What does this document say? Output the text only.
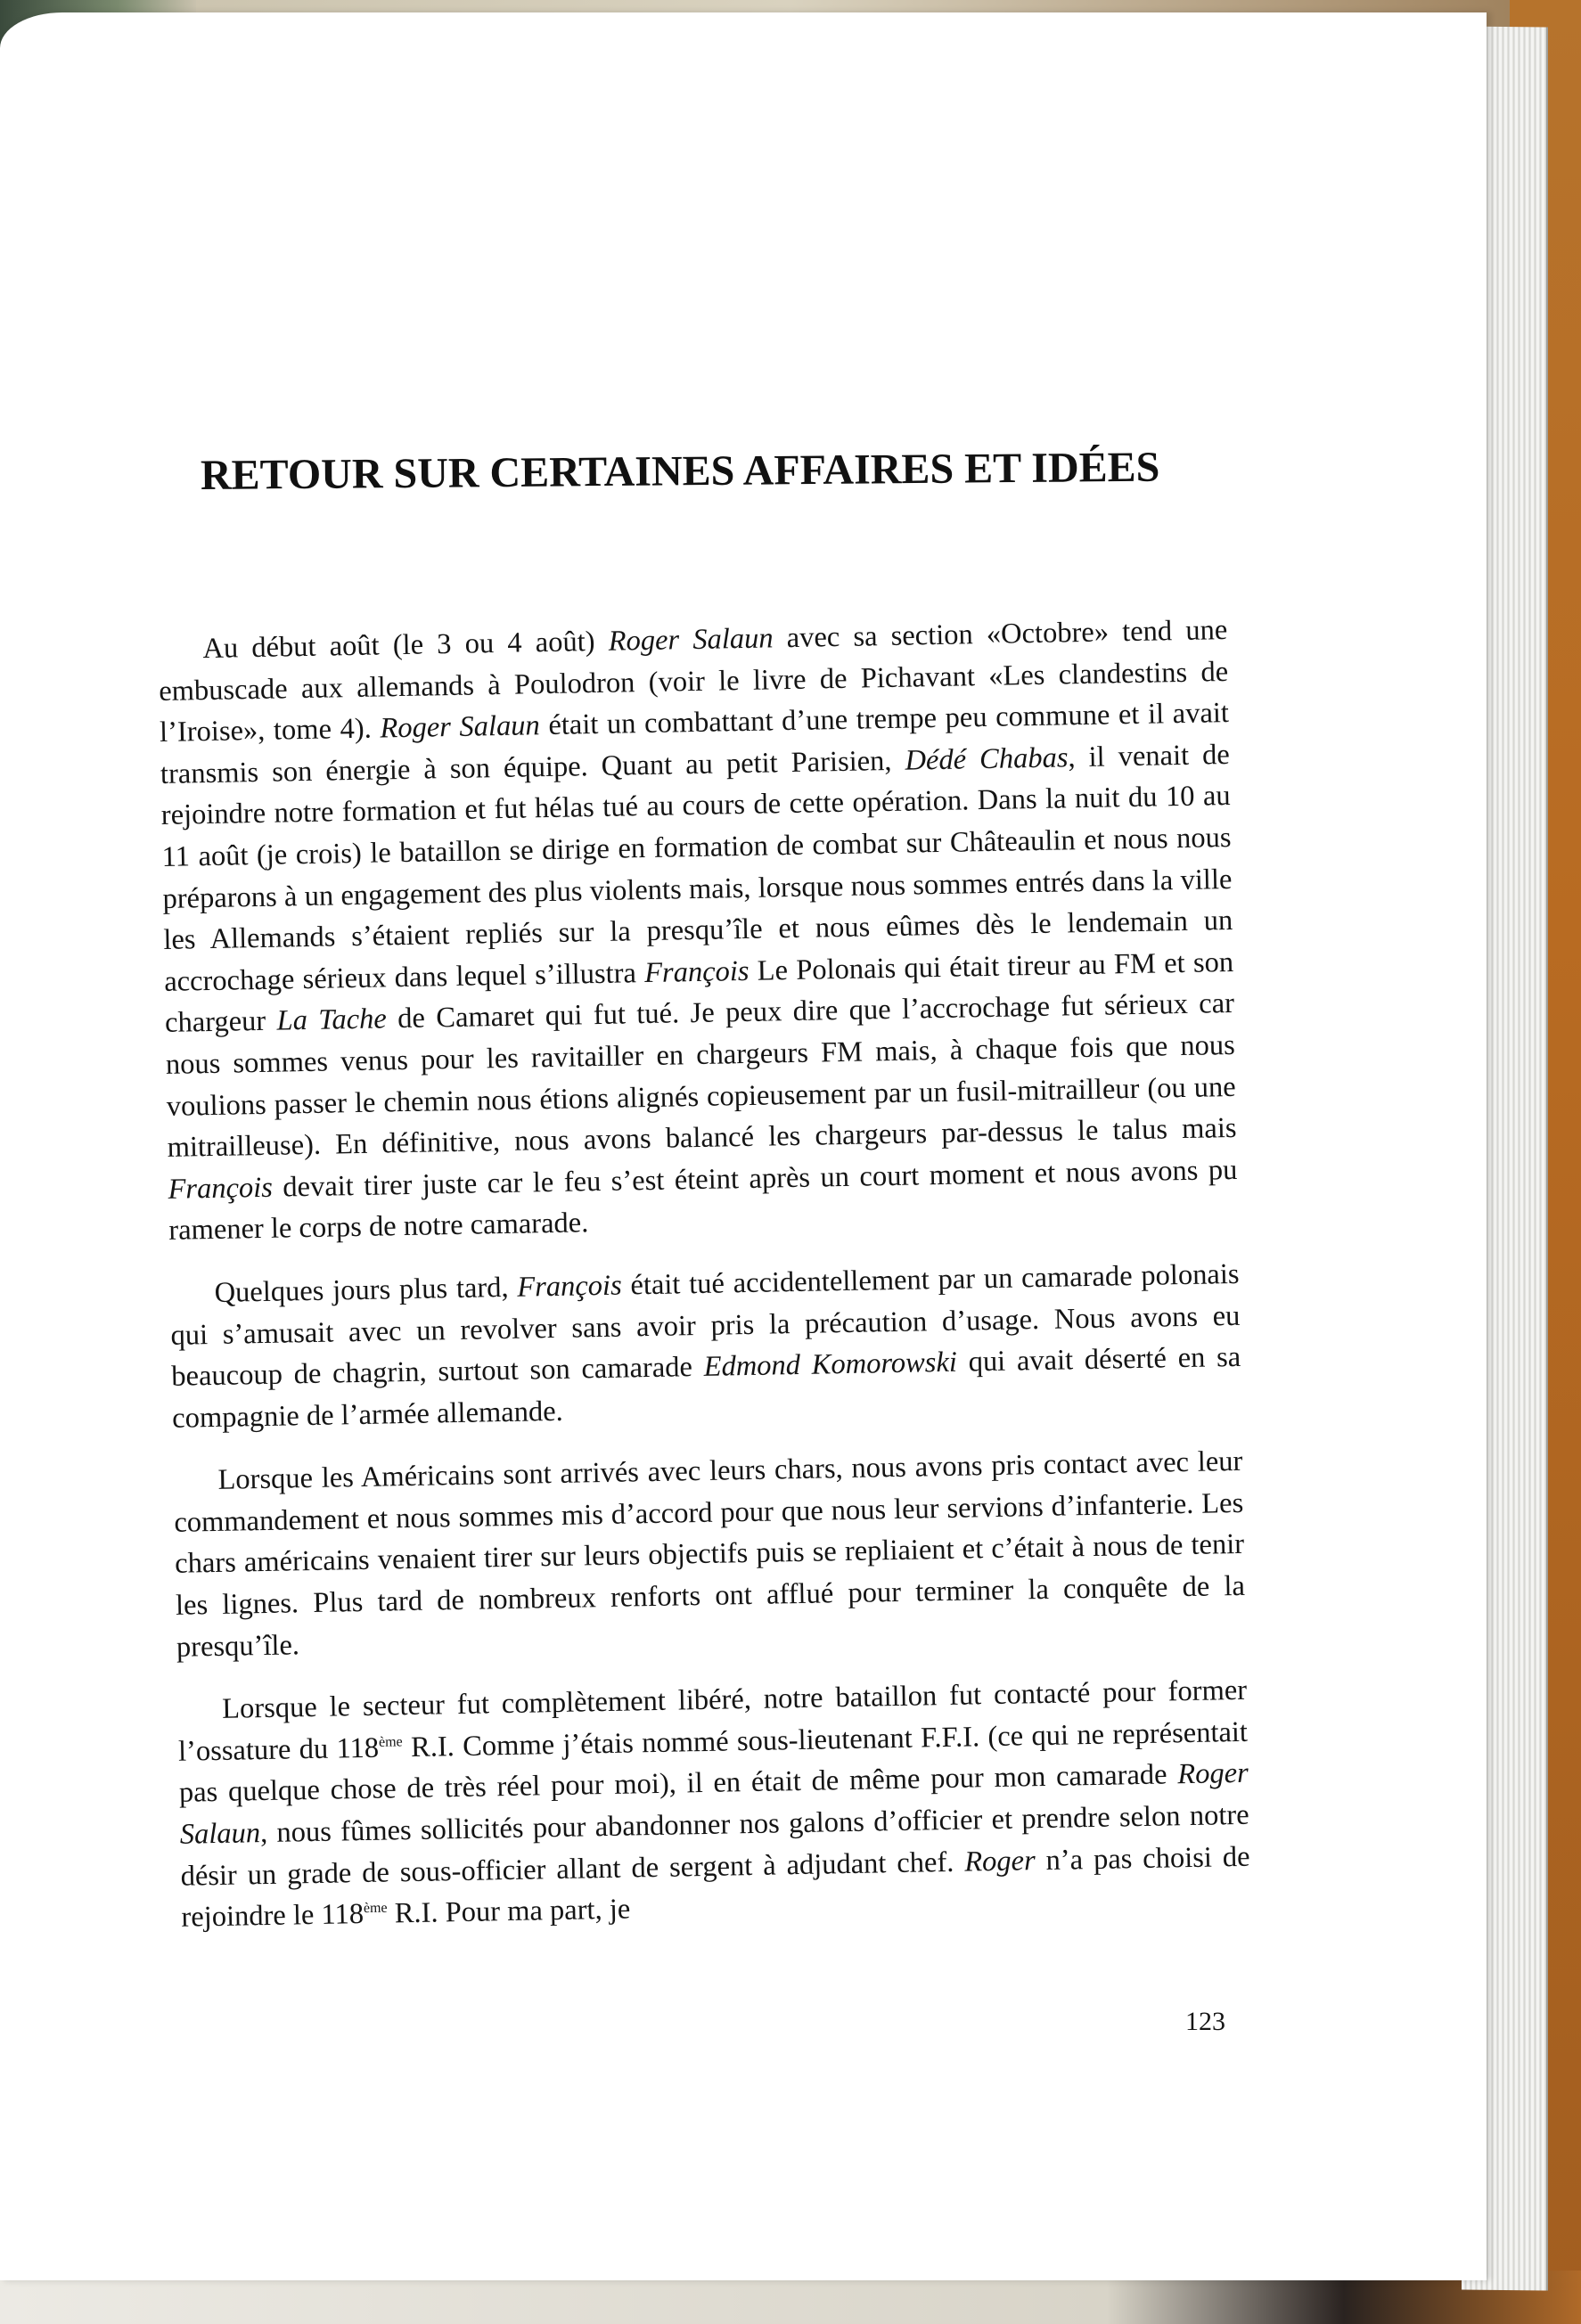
RETOUR SUR CERTAINES AFFAIRES ET IDÉES

Au début août (le 3 ou 4 août) Roger Salaun avec sa section «Octobre» tend une embuscade aux allemands à Poulodron (voir le livre de Pichavant «Les clandestins de l’Iroise», tome 4). Roger Salaun était un combattant d’une trempe peu commune et il avait transmis son énergie à son équipe. Quant au petit Parisien, Dédé Chabas, il venait de rejoindre notre formation et fut hélas tué au cours de cette opération. Dans la nuit du 10 au 11 août (je crois) le bataillon se dirige en formation de combat sur Châteaulin et nous nous préparons à un engagement des plus violents mais, lorsque nous sommes entrés dans la ville les Allemands s’étaient repliés sur la presqu’île et nous eûmes dès le lendemain un accrochage sérieux dans lequel s’illustra François Le Polonais qui était tireur au FM et son chargeur La Tache de Camaret qui fut tué. Je peux dire que l’accrochage fut sérieux car nous sommes venus pour les ravitailler en chargeurs FM mais, à chaque fois que nous voulions passer le chemin nous étions alignés copieusement par un fusil-mitrailleur (ou une mitrailleuse). En définitive, nous avons balancé les chargeurs par-dessus le talus mais François devait tirer juste car le feu s’est éteint après un court moment et nous avons pu ramener le corps de notre camarade.

Quelques jours plus tard, François était tué accidentellement par un camarade polonais qui s’amusait avec un revolver sans avoir pris la précaution d’usage. Nous avons eu beaucoup de chagrin, surtout son camarade Edmond Komorowski qui avait déserté en sa compagnie de l’armée allemande.

Lorsque les Américains sont arrivés avec leurs chars, nous avons pris contact avec leur commandement et nous sommes mis d’accord pour que nous leur servions d’infanterie. Les chars américains venaient tirer sur leurs objectifs puis se repliaient et c’était à nous de tenir les lignes. Plus tard de nombreux renforts ont afflué pour terminer la conquête de la presqu’île.

Lorsque le secteur fut complètement libéré, notre bataillon fut contacté pour former l’ossature du 118ème R.I. Comme j’étais nommé sous-lieutenant F.F.I. (ce qui ne représentait pas quelque chose de très réel pour moi), il en était de même pour mon camarade Roger Salaun, nous fûmes sollicités pour abandonner nos galons d’officier et prendre selon notre désir un grade de sous-officier allant de sergent à adjudant chef. Roger n’a pas choisi de rejoindre le 118ème R.I. Pour ma part, je

123
